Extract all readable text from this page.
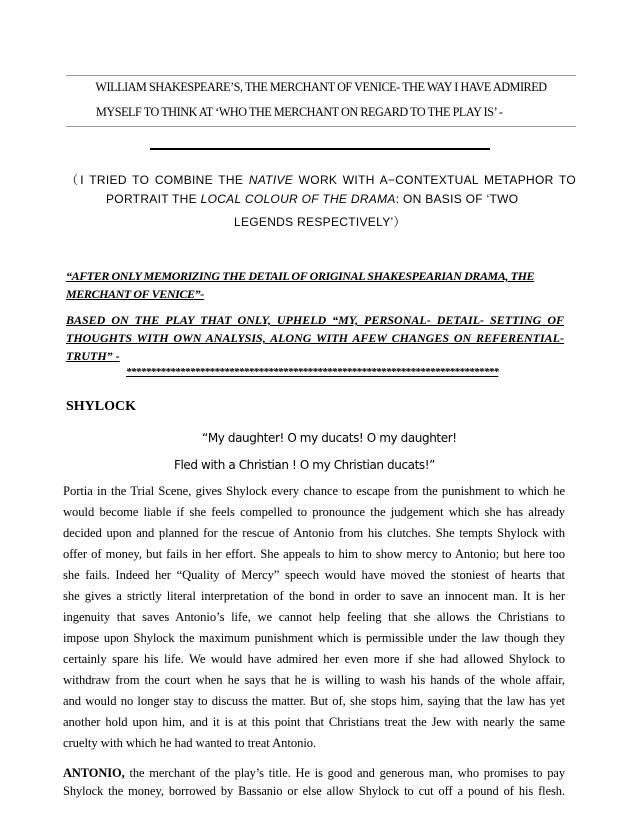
WILLIAM SHAKESPEARE’S, THE MERCHANT OF VENICE- THE WAY I HAVE ADMIRED
MYSELF TO THINK AT ‘WHO THE MERCHANT ON REGARD TO THE PLAY IS’ -
（I TRIED TO COMBINE THE NATIVE WORK WITH A−CONTEXTUAL METAPHOR TO
PORTRAIT THE LOCAL COLOUR OF THE DRAMA: ON BASIS OF ‘TWO
LEGENDS RESPECTIVELY’）
“AFTER ONLY MEMORIZING THE DETAIL OF ORIGINAL SHAKESPEARIAN DRAMA, THE
MERCHANT OF VENICE”-
BASED ON THE PLAY THAT ONLY, UPHELD “MY, PERSONAL- DETAIL- SETTING OF
THOUGHTS WITH OWN ANALYSIS, ALONG WITH AFEW CHANGES ON REFERENTIAL-
TRUTH” -
****************************************************************************
SHYLOCK
“My daughter! O my ducats! O my daughter!
Fled with a Christian ! O my Christian ducats!”
Portia in the Trial Scene, gives Shylock every chance to escape from the punishment to which he
would become liable if she feels compelled to pronounce the judgement which she has already
decided upon and planned for the rescue of Antonio from his clutches. She tempts Shylock with
offer of money, but fails in her effort. She appeals to him to show mercy to Antonio; but here too
she fails. Indeed her “Quality of Mercy” speech would have moved the stoniest of hearts that
she gives a strictly literal interpretation of the bond in order to save an innocent man. It is her
ingenuity that saves Antonio’s life, we cannot help feeling that she allows the Christians to
impose upon Shylock the maximum punishment which is permissible under the law though they
certainly spare his life. We would have admired her even more if she had allowed Shylock to
withdraw from the court when he says that he is willing to wash his hands of the whole affair,
and would no longer stay to discuss the matter. But of, she stops him, saying that the law has yet
another hold upon him, and it is at this point that Christians treat the Jew with nearly the same
cruelty with which he had wanted to treat Antonio.
ANTONIO, the merchant of the play’s title. He is good and generous man, who promises to pay
Shylock the money, borrowed by Bassanio or else allow Shylock to cut off a pound of his flesh.
